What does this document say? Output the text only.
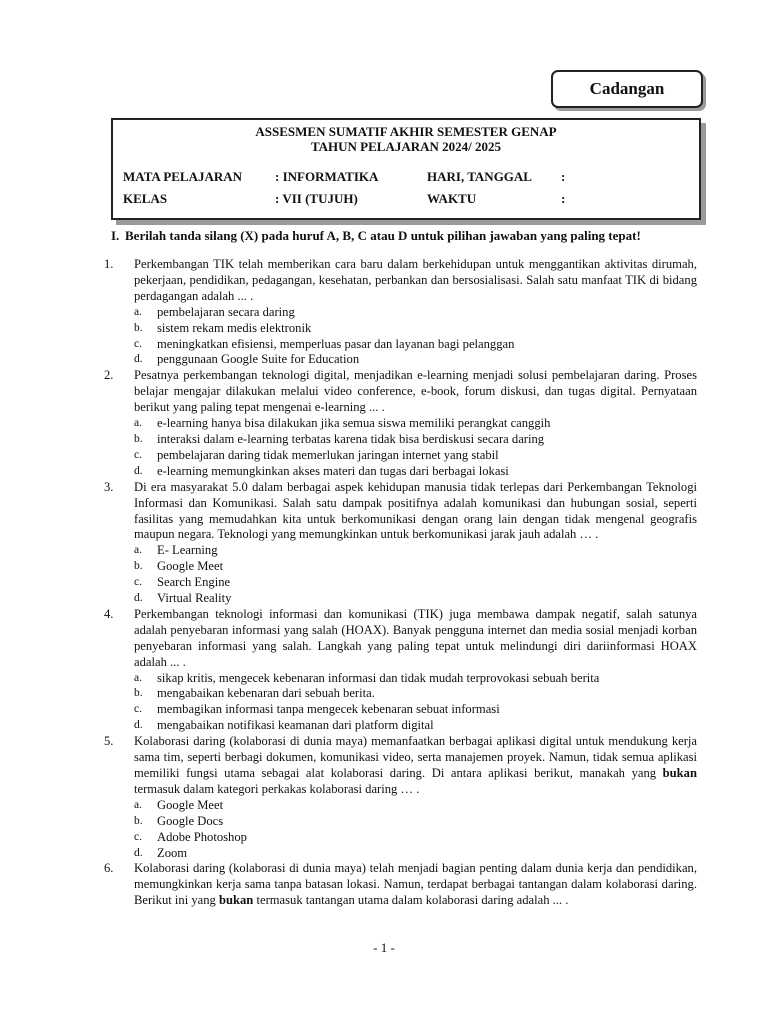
Cadangan
ASSESMEN SUMATIF AKHIR SEMESTER GENAP
TAHUN PELAJARAN 2024/ 2025
MATA PELAJARAN	: INFORMATIKA	HARI, TANGGAL :
KELAS	: VII (TUJUH)	WAKTU	:
I. Berilah tanda silang (X) pada huruf A, B, C atau D untuk pilihan jawaban yang paling tepat!
1. Perkembangan TIK telah memberikan cara baru dalam berkehidupan untuk menggantikan aktivitas dirumah, pekerjaan, pendidikan, pedagangan, kesehatan, perbankan dan bersosialisasi. Salah satu manfaat TIK di bidang perdagangan adalah ... .
a. pembelajaran secara daring
b. sistem rekam medis elektronik
c. meningkatkan efisiensi, memperluas pasar dan layanan bagi pelanggan
d. penggunaan Google Suite for Education
2. Pesatnya perkembangan teknologi digital, menjadikan e-learning menjadi solusi pembelajaran daring. Proses belajar mengajar dilakukan melalui video conference, e-book, forum diskusi, dan tugas digital. Pernyataan berikut yang paling tepat mengenai e-learning ... .
a. e-learning hanya bisa dilakukan jika semua siswa memiliki perangkat canggih
b. interaksi dalam e-learning terbatas karena tidak bisa berdiskusi secara daring
c. pembelajaran daring tidak memerlukan jaringan internet yang stabil
d. e-learning memungkinkan akses materi dan tugas dari berbagai lokasi
3. Di era masyarakat 5.0 dalam berbagai aspek kehidupan manusia tidak terlepas dari Perkembangan Teknologi Informasi dan Komunikasi. Salah satu dampak positifnya adalah komunikasi dan hubungan sosial, seperti fasilitas yang memudahkan kita untuk berkomunikasi dengan orang lain dengan tidak mengenal geografis maupun negara. Teknologi yang memungkinkan untuk berkomunikasi jarak jauh adalah … .
a. E- Learning
b. Google Meet
c. Search Engine
d. Virtual Reality
4. Perkembangan teknologi informasi dan komunikasi (TIK) juga membawa dampak negatif, salah satunya adalah penyebaran informasi yang salah (HOAX). Banyak pengguna internet dan media sosial menjadi korban penyebaran informasi yang salah. Langkah yang paling tepat untuk melindungi diri dariinformasi HOAX adalah ... .
a. sikap kritis, mengecek kebenaran informasi dan tidak mudah terprovokasi sebuah berita
b. mengabaikan kebenaran dari sebuah berita.
c. membagikan informasi tanpa mengecek kebenaran sebuat informasi
d. mengabaikan notifikasi keamanan dari platform digital
5. Kolaborasi daring (kolaborasi di dunia maya) memanfaatkan berbagai aplikasi digital untuk mendukung kerja sama tim, seperti berbagi dokumen, komunikasi video, serta manajemen proyek. Namun, tidak semua aplikasi memiliki fungsi utama sebagai alat kolaborasi daring. Di antara aplikasi berikut, manakah yang bukan termasuk dalam kategori perkakas kolaborasi daring … .
a. Google Meet
b. Google Docs
c. Adobe Photoshop
d. Zoom
6. Kolaborasi daring (kolaborasi di dunia maya) telah menjadi bagian penting dalam dunia kerja dan pendidikan, memungkinkan kerja sama tanpa batasan lokasi. Namun, terdapat berbagai tantangan dalam kolaborasi daring. Berikut ini yang bukan termasuk tantangan utama dalam kolaborasi daring adalah ... .
- 1 -
